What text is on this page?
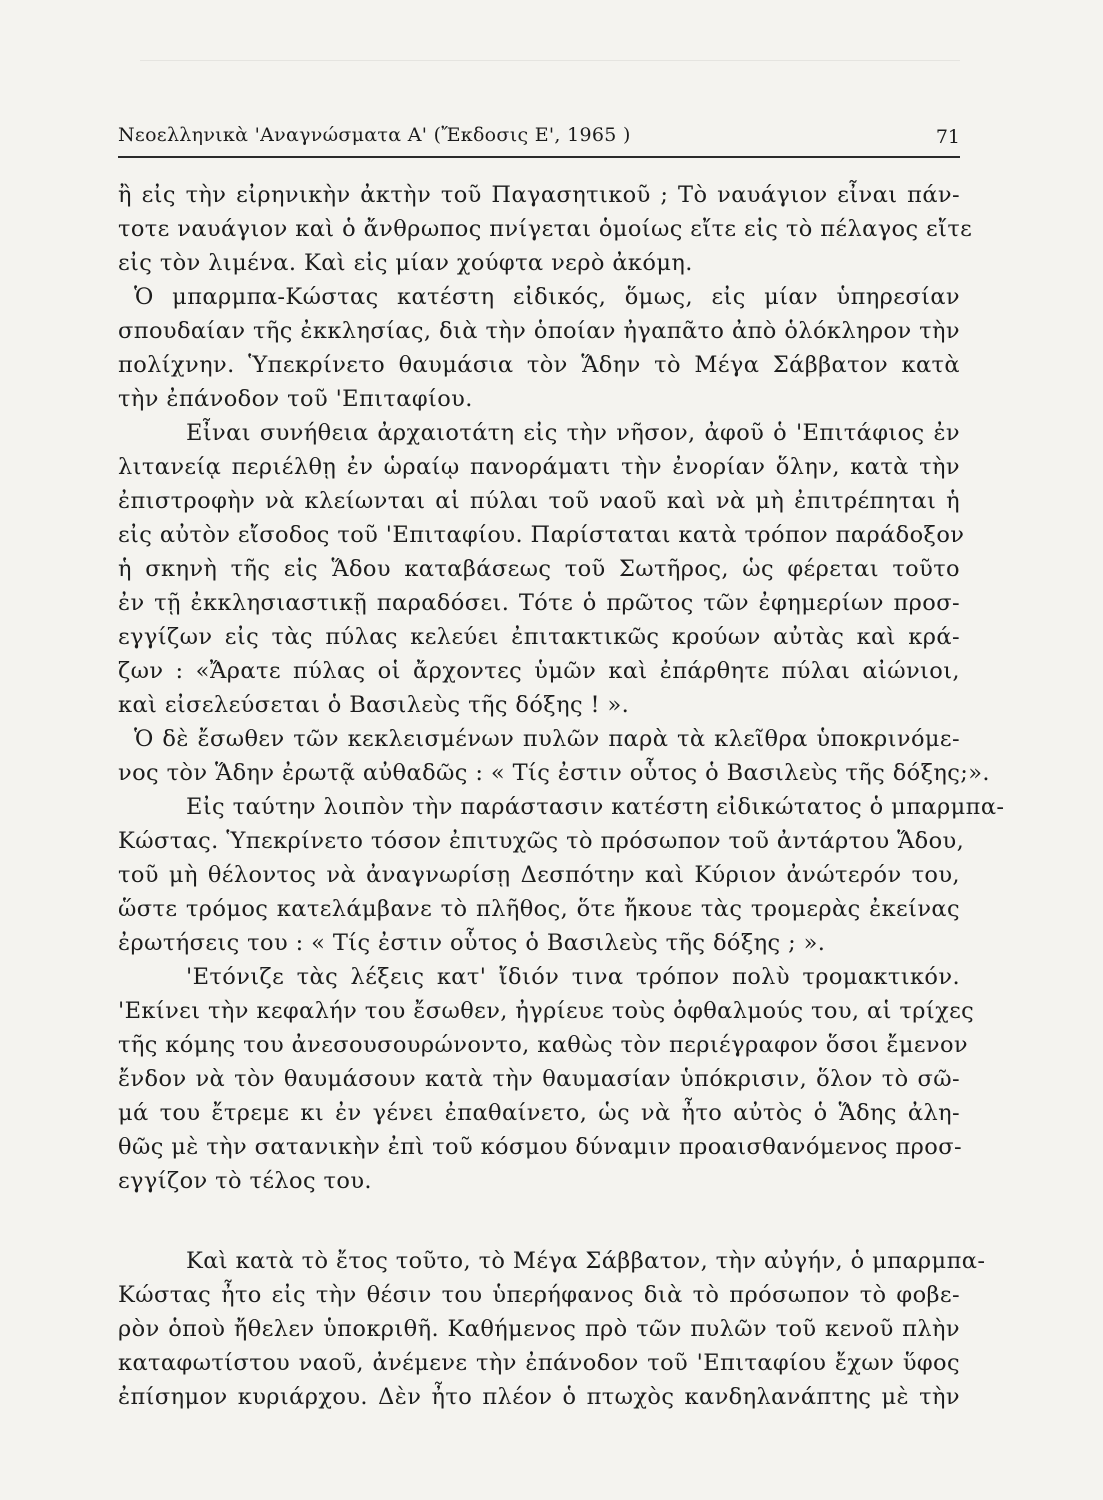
Νεοελληνικὰ 'Αναγνώσματα Α' (Ἔκδοσις Ε', 1965 )	71
ἢ εἰς τὴν εἰρηνικὴν ἀκτὴν τοῦ Παγασητικοῦ ; Τὸ ναυάγιον εἶναι πάν-
τοτε ναυάγιον καὶ ὁ ἄνθρωπος πνίγεται ὁμοίως εἴτε εἰς τὸ πέλαγος εἴτε
εἰς τὸν λιμένα. Καὶ εἰς μίαν χούφτα νερὸ ἀκόμη.
Ὁ μπαρμπα-Κώστας κατέστη εἰδικός, ὅμως, εἰς μίαν ὑπηρεσίαν
σπουδαίαν τῆς ἐκκλησίας, διὰ τὴν ὁποίαν ἠγαπᾶτο ἀπὸ ὁλόκληρον τὴν
πολίχνην. Ὑπεκρίνετο θαυμάσια τὸν Ἅδην τὸ Μέγα Σάββατον κατὰ
τὴν ἐπάνοδον τοῦ 'Επιταφίου.
Εἶναι συνήθεια ἀρχαιοτάτη εἰς τὴν νῆσον, ἀφοῦ ὁ 'Επιτάφιος ἐν
λιτανείᾳ περιέλθῃ ἐν ὡραίῳ πανοράματι τὴν ἐνορίαν ὅλην, κατὰ τὴν
ἐπιστροφὴν νὰ κλείωνται αἱ πύλαι τοῦ ναοῦ καὶ νὰ μὴ ἐπιτρέπηται ἡ
εἰς αὐτὸν εἴσοδος τοῦ 'Επιταφίου. Παρίσταται κατὰ τρόπον παράδοξον
ἡ σκηνὴ τῆς εἰς Ἅδου καταβάσεως τοῦ Σωτῆρος, ὡς φέρεται τοῦτο
ἐν τῇ ἐκκλησιαστικῇ παραδόσει. Τότε ὁ πρῶτος τῶν ἐφημερίων προσ-
εγγίζων εἰς τὰς πύλας κελεύει ἐπιτακτικῶς κρούων αὐτὰς καὶ κρά-
ζων : «Ἄρατε πύλας οἱ ἄρχοντες ὑμῶν καὶ ἐπάρθητε πύλαι αἰώνιοι,
καὶ εἰσελεύσεται ὁ Βασιλεὺς τῆς δόξης ! ».
Ὁ δὲ ἔσωθεν τῶν κεκλεισμένων πυλῶν παρὰ τὰ κλεῖθρα ὑποκρινόμε-
νος τὸν Ἅδην ἐρωτᾷ αὐθαδῶς : « Τίς ἐστιν οὗτος ὁ Βασιλεὺς τῆς δόξης;».
Εἰς ταύτην λοιπὸν τὴν παράστασιν κατέστη εἰδικώτατος ὁ μπαρμπα-
Κώστας. Ὑπεκρίνετο τόσον ἐπιτυχῶς τὸ πρόσωπον τοῦ ἀντάρτου Ἅδου,
τοῦ μὴ θέλοντος νὰ ἀναγνωρίσῃ Δεσπότην καὶ Κύριον ἀνώτερόν του,
ὥστε τρόμος κατελάμβανε τὸ πλῆθος, ὅτε ἤκουε τὰς τρομερὰς ἐκείνας
ἐρωτήσεις του : « Τίς ἐστιν οὗτος ὁ Βασιλεὺς τῆς δόξης ; ».
'Ετόνιζε τὰς λέξεις κατ' ἴδιόν τινα τρόπον πολὺ τρομακτικόν.
'Εκίνει τὴν κεφαλήν του ἔσωθεν, ἠγρίευε τοὺς ὀφθαλμούς του, αἱ τρίχες
τῆς κόμης του ἀνεσουσουρώνοντο, καθὼς τὸν περιέγραφον ὅσοι ἔμενον
ἔνδον νὰ τὸν θαυμάσουν κατὰ τὴν θαυμασίαν ὑπόκρισιν, ὅλον τὸ σῶ-
μά του ἔτρεμε κι ἐν γένει ἐπαθαίνετο, ὡς νὰ ἦτο αὐτὸς ὁ Ἅδης ἀλη-
θῶς μὲ τὴν σατανικὴν ἐπὶ τοῦ κόσμου δύναμιν προαισθανόμενος προσ-
εγγίζον τὸ τέλος του.
Καὶ κατὰ τὸ ἔτος τοῦτο, τὸ Μέγα Σάββατον, τὴν αὐγήν, ὁ μπαρμπα-
Κώστας ἦτο εἰς τὴν θέσιν του ὑπερήφανος διὰ τὸ πρόσωπον τὸ φοβε-
ρὸν ὁποὺ ἤθελεν ὑποκριθῆ. Καθήμενος πρὸ τῶν πυλῶν τοῦ κενοῦ πλὴν
καταφωτίστου ναοῦ, ἀνέμενε τὴν ἐπάνοδον τοῦ 'Επιταφίου ἔχων ὕφος
ἐπίσημον κυριάρχου. Δὲν ἦτο πλέον ὁ πτωχὸς κανδηλανάπτης μὲ τὴν
